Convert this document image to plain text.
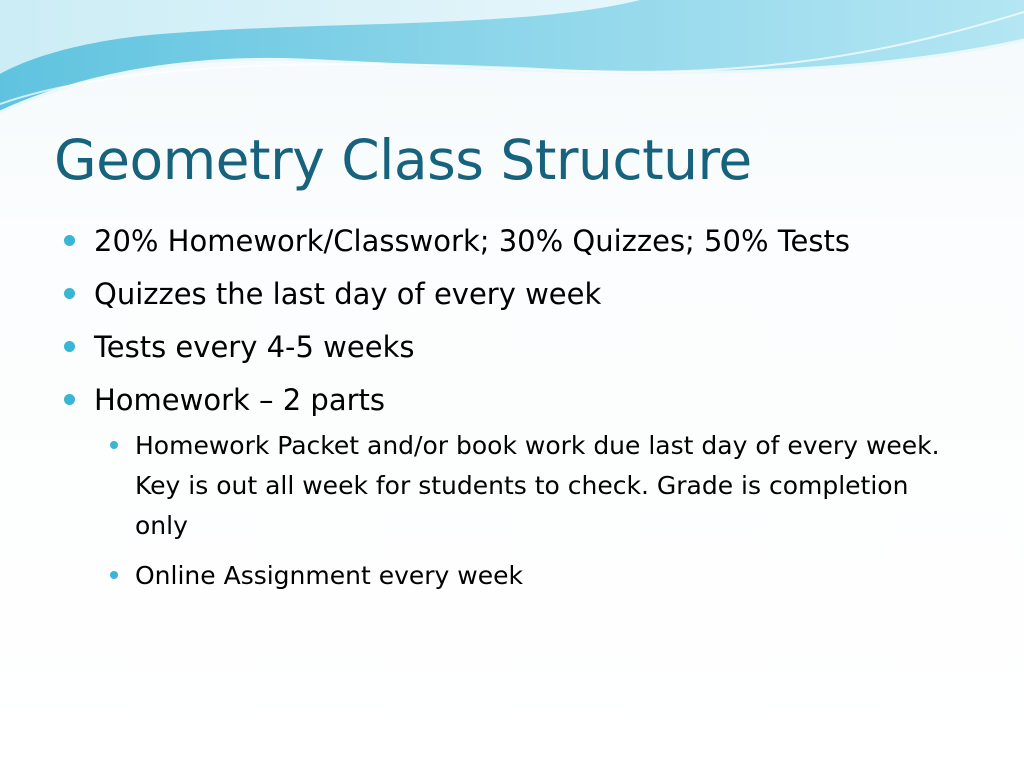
Geometry Class Structure
20% Homework/Classwork; 30% Quizzes; 50% Tests
Quizzes the last day of every week
Tests every 4-5 weeks
Homework – 2 parts
Homework Packet and/or book work due last day of every week. Key is out all week for students to check. Grade is completion only
Online Assignment every week
